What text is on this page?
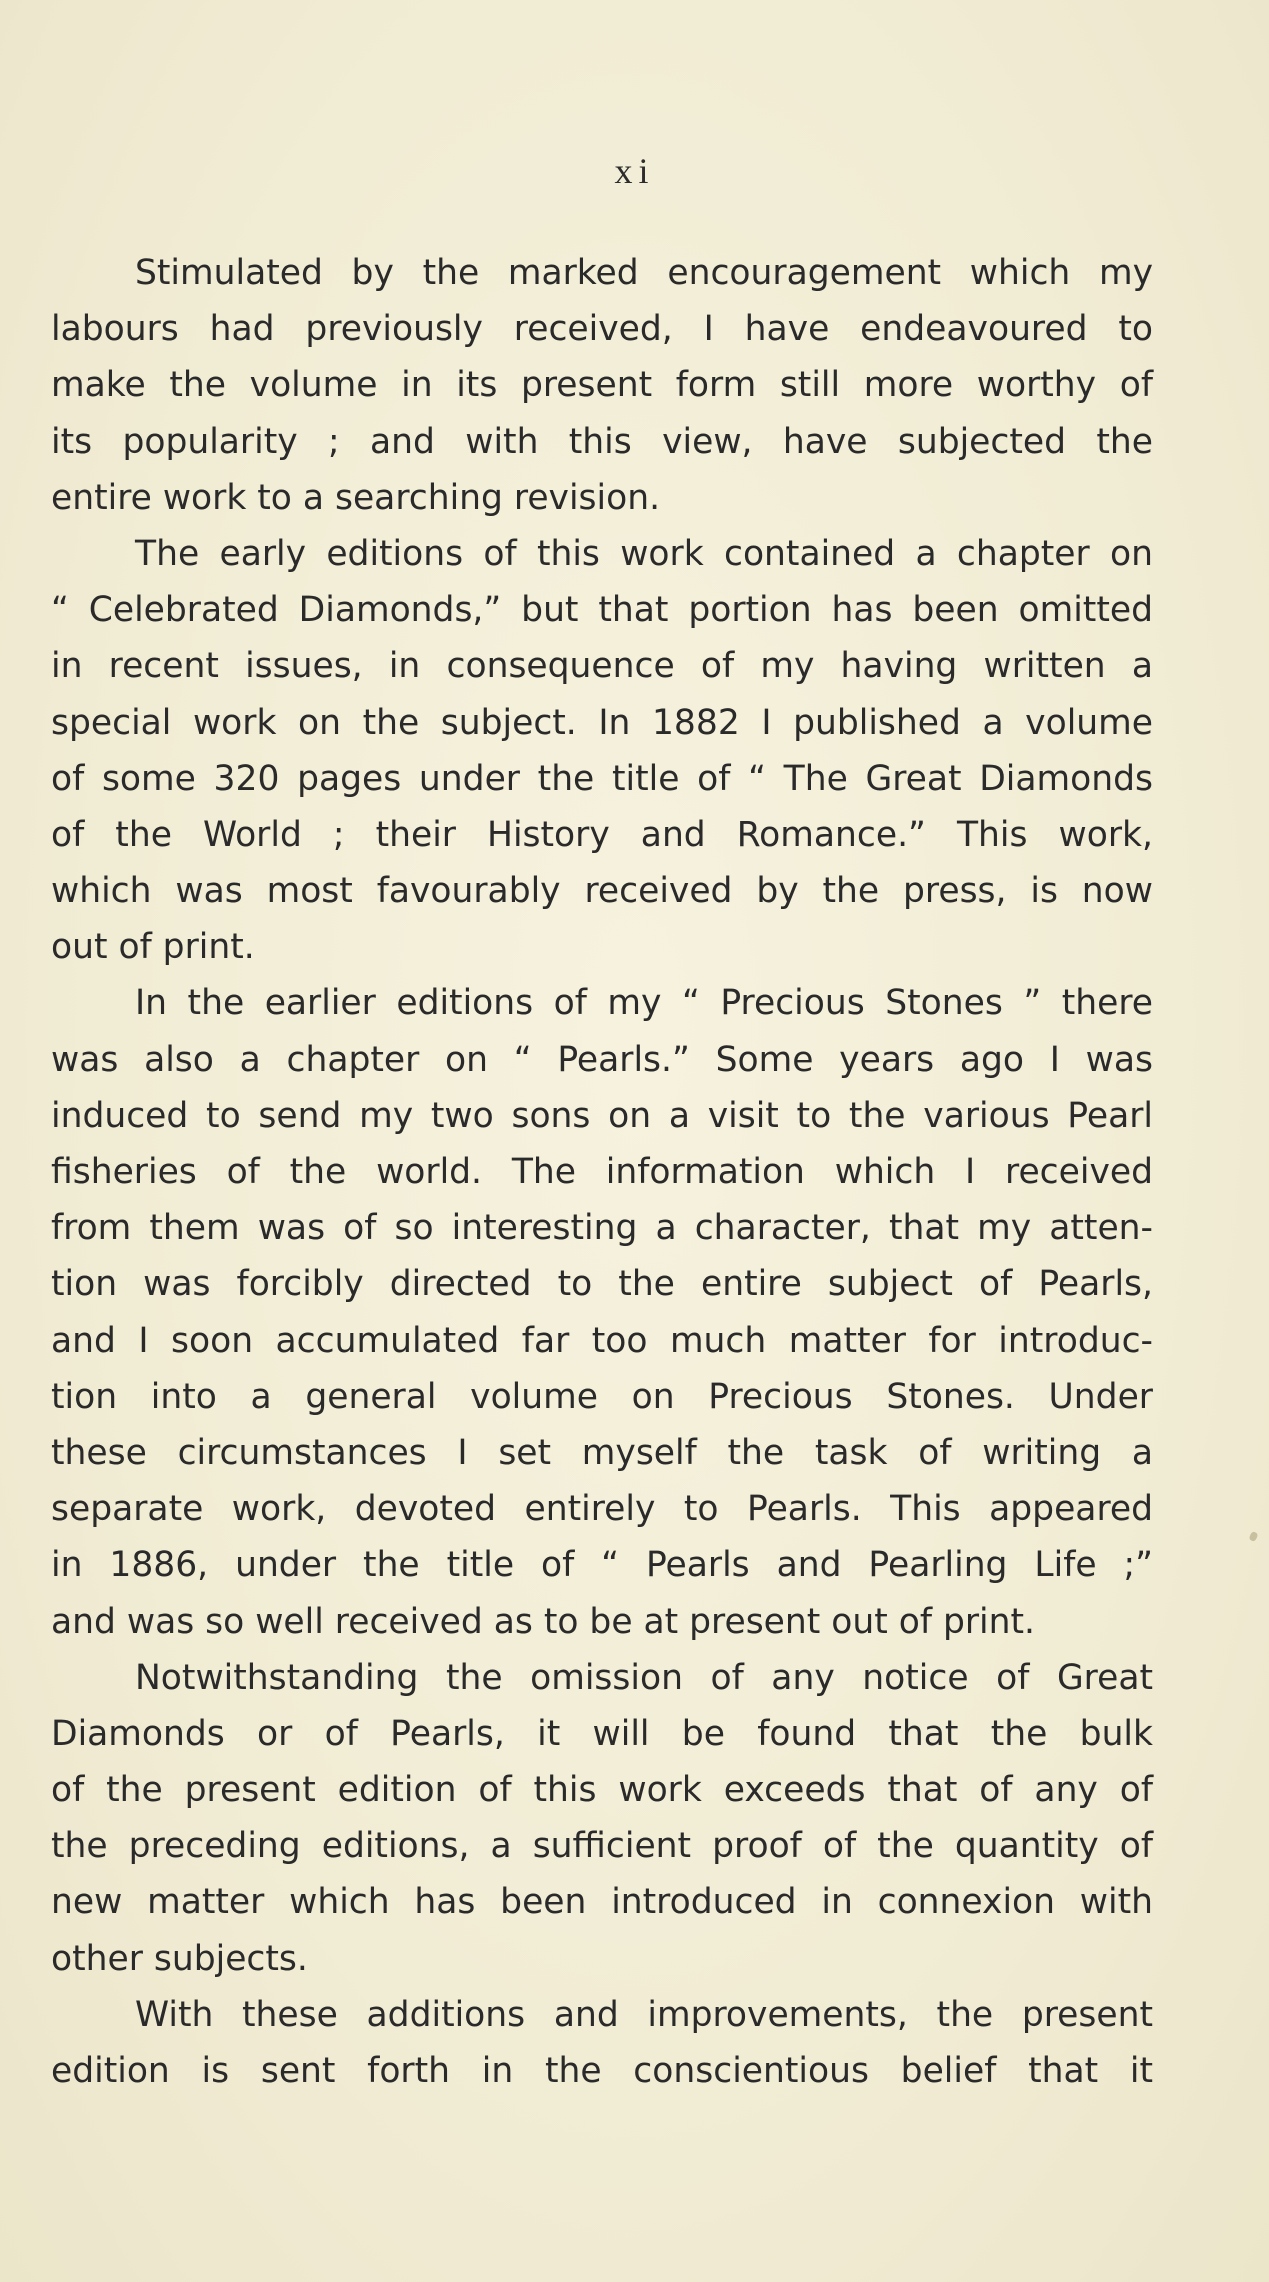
xi
Stimulated by the marked encouragement which my
labours had previously received, I have endeavoured to
make the volume in its present form still more worthy of
its popularity ; and with this view, have subjected the
entire work to a searching revision.
The early editions of this work contained a chapter on
“ Celebrated Diamonds,” but that portion has been omitted
in recent issues, in consequence of my having written a
special work on the subject. In 1882 I published a volume
of some 320 pages under the title of “ The Great Diamonds
of the World ; their History and Romance.” This work,
which was most favourably received by the press, is now
out of print.
In the earlier editions of my “ Precious Stones ” there
was also a chapter on “ Pearls.” Some years ago I was
induced to send my two sons on a visit to the various Pearl
fisheries of the world. The information which I received
from them was of so interesting a character, that my atten-
tion was forcibly directed to the entire subject of Pearls,
and I soon accumulated far too much matter for introduc-
tion into a general volume on Precious Stones. Under
these circumstances I set myself the task of writing a
separate work, devoted entirely to Pearls. This appeared
in 1886, under the title of “ Pearls and Pearling Life ;”
and was so well received as to be at present out of print.
Notwithstanding the omission of any notice of Great
Diamonds or of Pearls, it will be found that the bulk
of the present edition of this work exceeds that of any of
the preceding editions, a sufficient proof of the quantity of
new matter which has been introduced in connexion with
other subjects.
With these additions and improvements, the present
edition is sent forth in the conscientious belief that it
